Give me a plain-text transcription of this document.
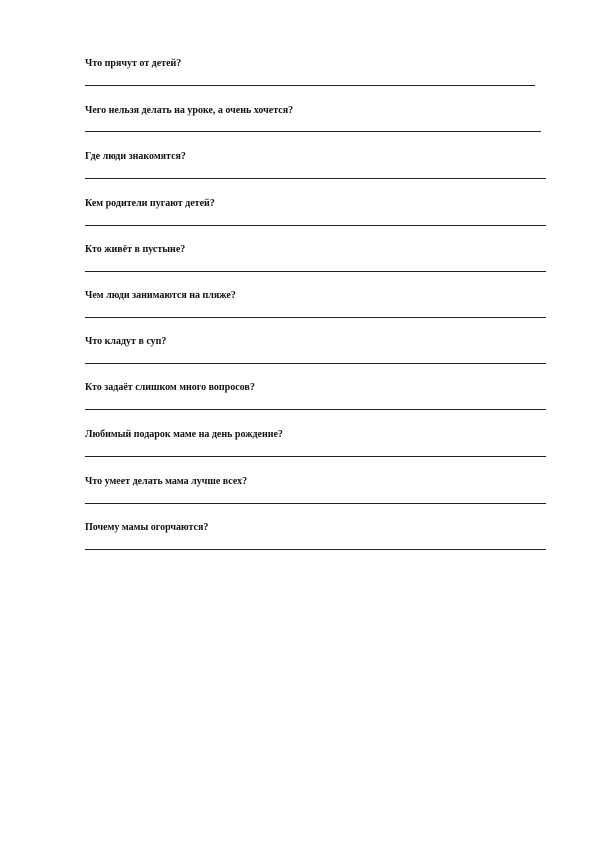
Что прячут от детей?
Чего нельзя делать на уроке, а очень хочется?
Где люди знакомятся?
Кем родители пугают детей?
Кто живёт в пустыне?
Чем люди занимаются на пляже?
Что кладут в суп?
Кто задаёт слишком много вопросов?
Любимый подарок маме на день рождение?
Что умеет делать мама лучше всех?
Почему мамы огорчаются?
